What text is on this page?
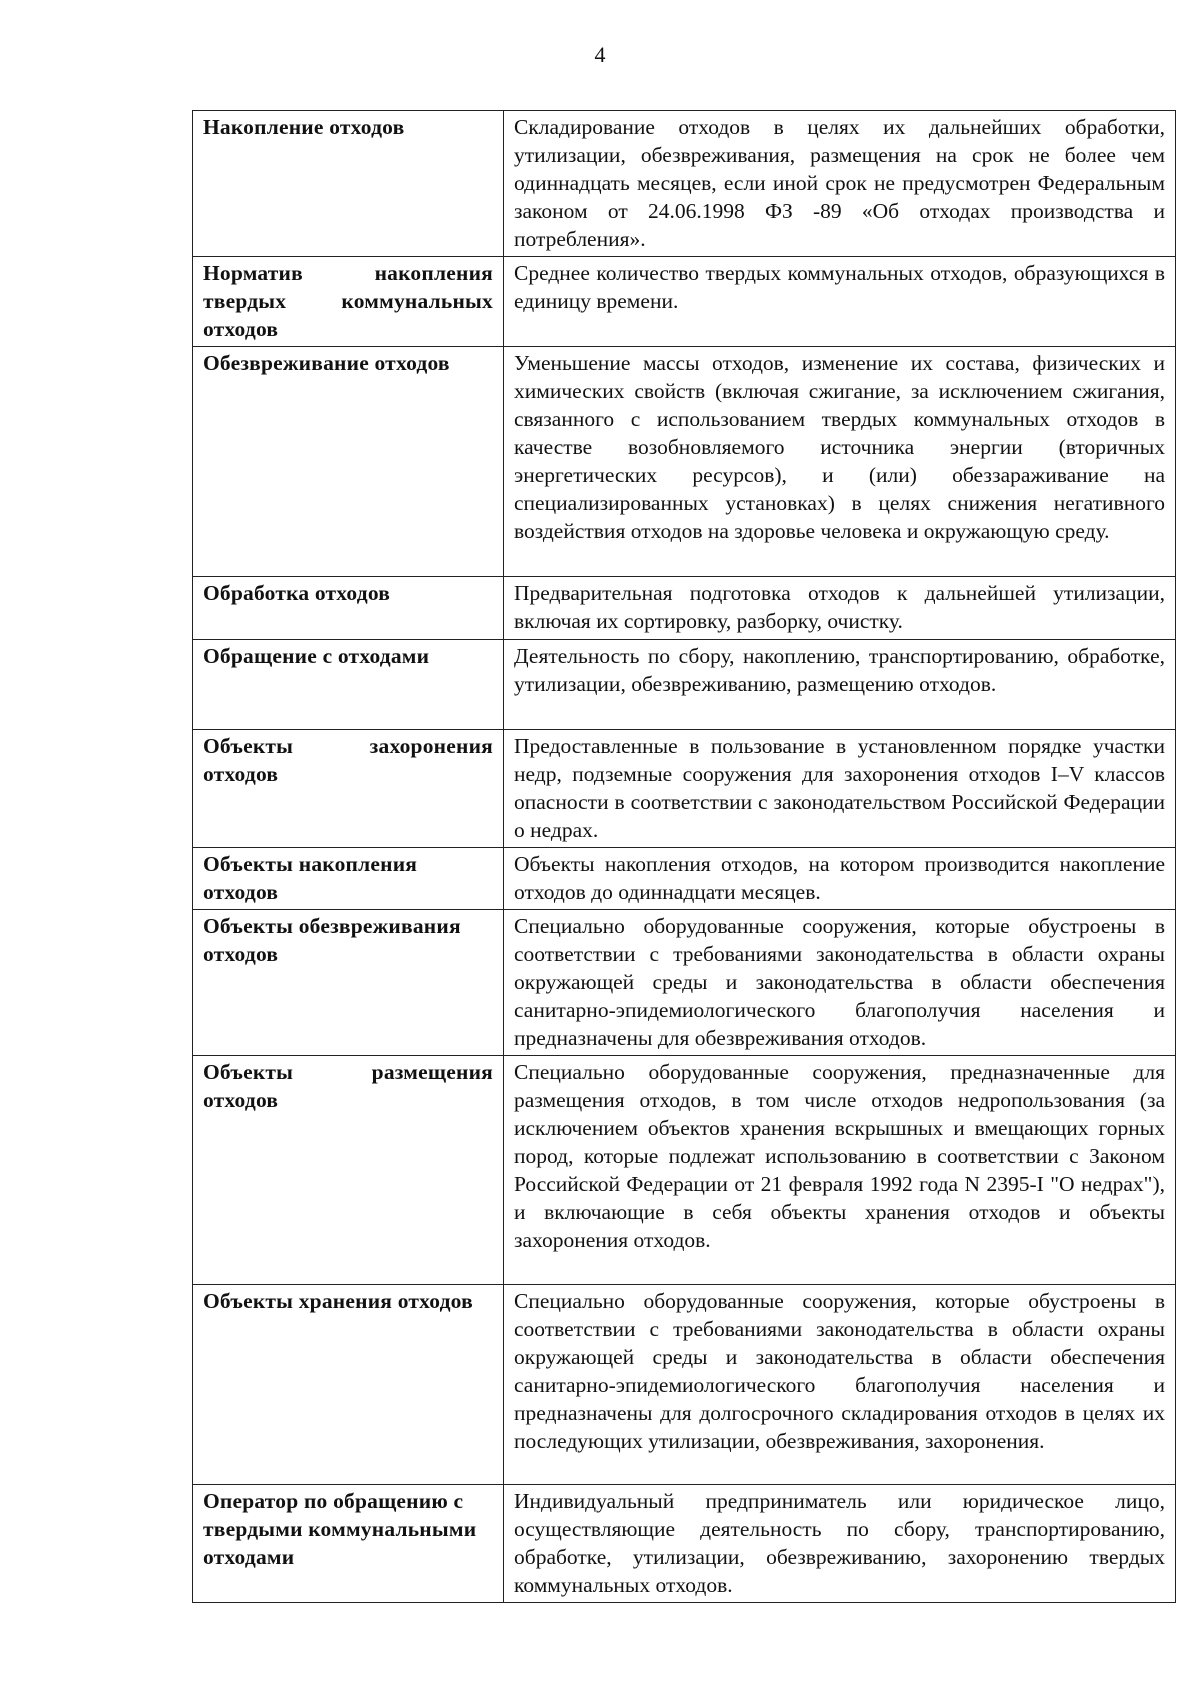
4
Накопление отходов	Складирование отходов в целях их дальнейших обработки, утилизации, обезвреживания, размещения на срок не более чем одиннадцать месяцев, если иной срок не предусмотрен Федеральным законом от 24.06.1998 ФЗ -89 «Об отходах производства и потребления».
Норматив накопления твердых коммунальных отходов	Среднее количество твердых коммунальных отходов, образующихся в единицу времени.
Обезвреживание отходов	Уменьшение массы отходов, изменение их состава, физических и химических свойств (включая сжигание, за исключением сжигания, связанного с использованием твердых коммунальных отходов в качестве возобновляемого источника энергии (вторичных энергетических ресурсов), и (или) обеззараживание на специализированных установках) в целях снижения негативного воздействия отходов на здоровье человека и окружающую среду.
Обработка отходов	Предварительная подготовка отходов к дальнейшей утилизации, включая их сортировку, разборку, очистку.
Обращение с отходами	Деятельность по сбору, накоплению, транспортированию, обработке, утилизации, обезвреживанию, размещению отходов.
Объекты захоронения отходов	Предоставленные в пользование в установленном порядке участки недр, подземные сооружения для захоронения отходов I–V классов опасности в соответствии с законодательством Российской Федерации о недрах.
Объекты накопления отходов	Объекты накопления отходов, на котором производится накопление отходов до одиннадцати месяцев.
Объекты обезвреживания отходов	Специально оборудованные сооружения, которые обустроены в соответствии с требованиями законодательства в области охраны окружающей среды и законодательства в области обеспечения санитарно-эпидемиологического благополучия населения и предназначены для обезвреживания отходов.
Объекты размещения отходов	Специально оборудованные сооружения, предназначенные для размещения отходов, в том числе отходов недропользования (за исключением объектов хранения вскрышных и вмещающих горных пород, которые подлежат использованию в соответствии с Законом Российской Федерации от 21 февраля 1992 года N 2395-I "О недрах"), и включающие в себя объекты хранения отходов и объекты захоронения отходов.
Объекты хранения отходов	Специально оборудованные сооружения, которые обустроены в соответствии с требованиями законодательства в области охраны окружающей среды и законодательства в области обеспечения санитарно-эпидемиологического благополучия населения и предназначены для долгосрочного складирования отходов в целях их последующих утилизации, обезвреживания, захоронения.
Оператор по обращению с твердыми коммунальными отходами	Индивидуальный предприниматель или юридическое лицо, осуществляющие деятельность по сбору, транспортированию, обработке, утилизации, обезвреживанию, захоронению твердых коммунальных отходов.
